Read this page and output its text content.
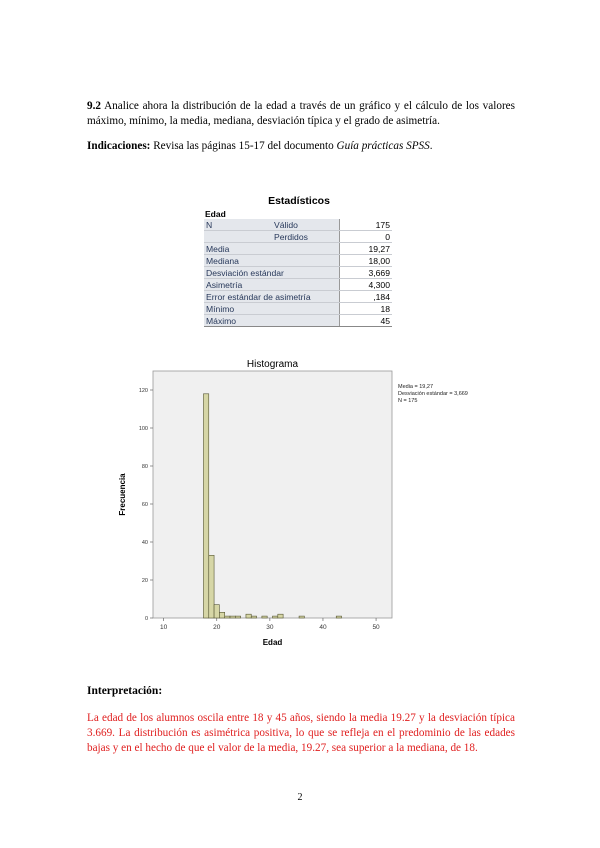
9.2 Analice ahora la distribución de la edad a través de un gráfico y el cálculo de los valores máximo, mínimo, la media, mediana, desviación típica y el grado de asimetría.

Indicaciones: Revisa las páginas 15-17 del documento Guía prácticas SPSS.

Estadísticos
Edad
N	Válido	175
	Perdidos	0
Media		19,27
Mediana		18,00
Desviación estándar		3,669
Asimetría		4,300
Error estándar de asimetría		,184
Mínimo		18
Máximo		45
Histograma
0
20
40
60
80
100
120
10	20	30	40	50
Edad
Frecuencia
Media = 19,27
Desviación estándar = 3,669
N = 175
Interpretación:

La edad de los alumnos oscila entre 18 y 45 años, siendo la media 19.27 y la desviación típica 3.669. La distribución es asimétrica positiva, lo que se refleja en el predominio de las edades bajas y en el hecho de que el valor de la media, 19.27, sea superior a la mediana, de 18.

2
